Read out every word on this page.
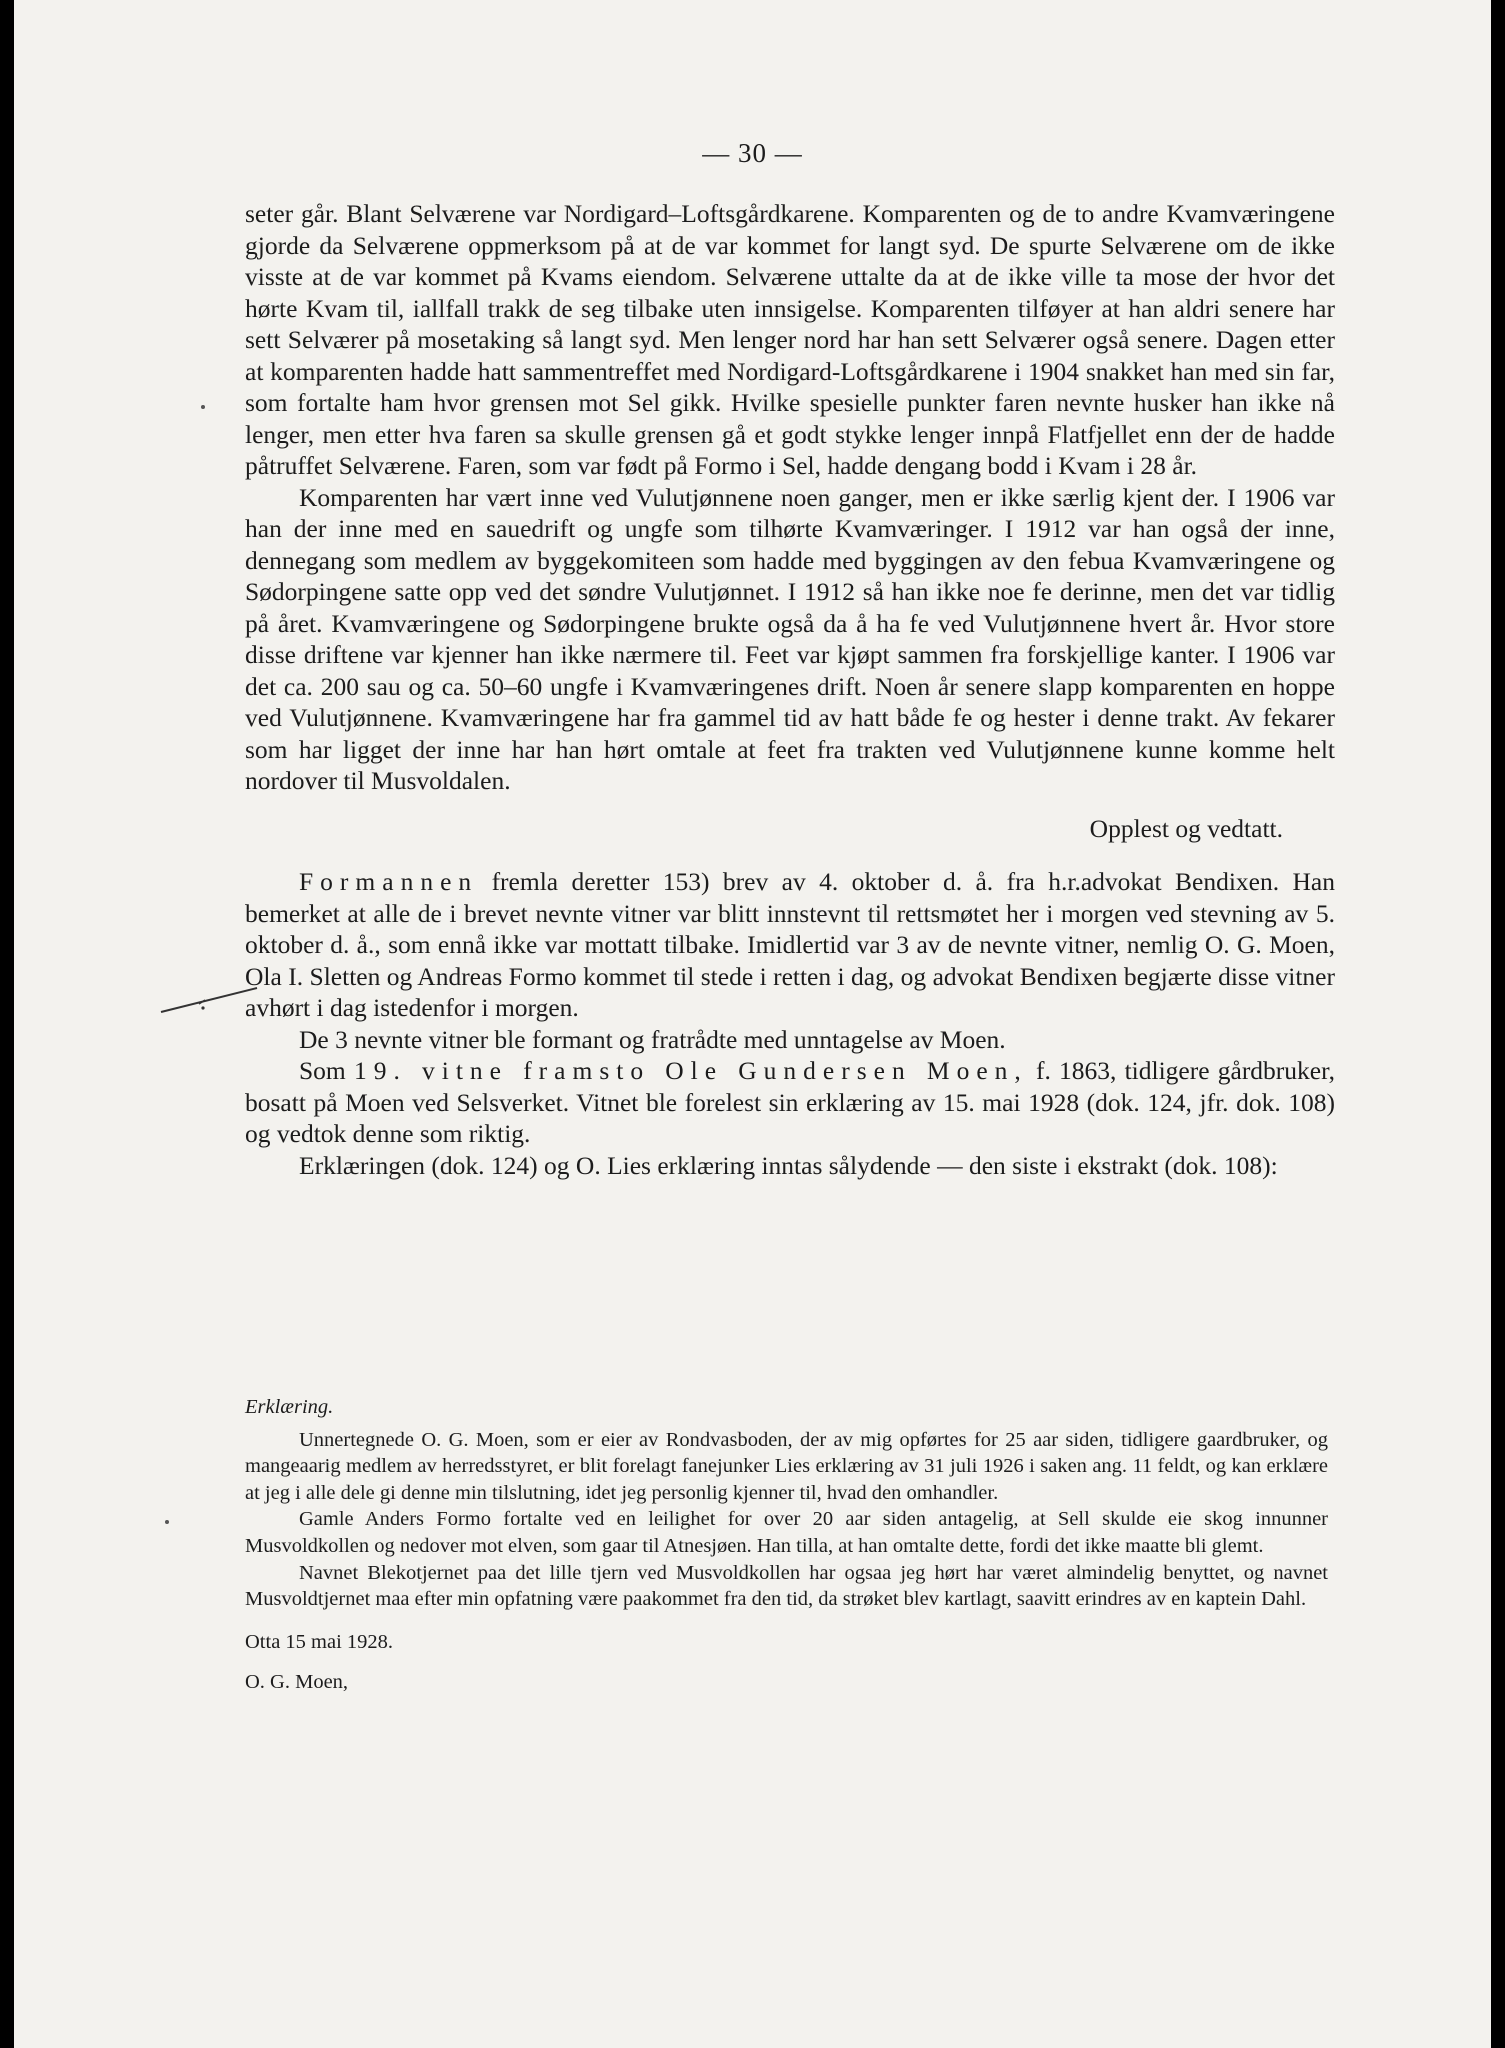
— 30 —

seter går. Blant Selværene var Nordigard–Loftsgårdkarene. Komparenten og de to andre Kvamværingene gjorde da Selværene oppmerksom på at de var kommet for langt syd. De spurte Selværene om de ikke visste at de var kommet på Kvams eiendom. Selværene uttalte da at de ikke ville ta mose der hvor det hørte Kvam til, iallfall trakk de seg tilbake uten innsigelse. Komparenten tilføyer at han aldri senere har sett Selværer på mosetaking så langt syd. Men lenger nord har han sett Selværer også senere. Dagen etter at komparenten hadde hatt sammentreffet med Nordigard-Loftsgårdkarene i 1904 snakket han med sin far, som fortalte ham hvor grensen mot Sel gikk. Hvilke spesielle punkter faren nevnte husker han ikke nå lenger, men etter hva faren sa skulle grensen gå et godt stykke lenger innpå Flatfjellet enn der de hadde påtruffet Selværene. Faren, som var født på Formo i Sel, hadde dengang bodd i Kvam i 28 år.

Komparenten har vært inne ved Vulutjønnene noen ganger, men er ikke særlig kjent der. I 1906 var han der inne med en sauedrift og ungfe som tilhørte Kvamværinger. I 1912 var han også der inne, dennegang som medlem av byggekomiteen som hadde med byggingen av den febua Kvamværingene og Sødorpingene satte opp ved det søndre Vulutjønnet. I 1912 så han ikke noe fe derinne, men det var tidlig på året. Kvamværingene og Sødorpingene brukte også da å ha fe ved Vulutjønnene hvert år. Hvor store disse driftene var kjenner han ikke nærmere til. Feet var kjøpt sammen fra forskjellige kanter. I 1906 var det ca. 200 sau og ca. 50–60 ungfe i Kvamværingenes drift. Noen år senere slapp komparenten en hoppe ved Vulutjønnene. Kvamværingene har fra gammel tid av hatt både fe og hester i denne trakt. Av fekarer som har ligget der inne har han hørt omtale at feet fra trakten ved Vulutjønnene kunne komme helt nordover til Musvoldalen.

Opplest og vedtatt.

Formannen fremla deretter 153) brev av 4. oktober d. å. fra h.r.advokat Bendixen. Han bemerket at alle de i brevet nevnte vitner var blitt innstevnt til rettsmøtet her i morgen ved stevning av 5. oktober d. å., som ennå ikke var mottatt tilbake. Imidlertid var 3 av de nevnte vitner, nemlig O. G. Moen, Ola I. Sletten og Andreas Formo kommet til stede i retten i dag, og advokat Bendixen begjærte disse vitner avhørt i dag istedenfor i morgen.

De 3 nevnte vitner ble formant og fratrådte med unntagelse av Moen.

Som 19. vitne framsto Ole Gundersen Moen, f. 1863, tidligere gårdbruker, bosatt på Moen ved Selsverket. Vitnet ble forelest sin erklæring av 15. mai 1928 (dok. 124, jfr. dok. 108) og vedtok denne som riktig.

Erklæringen (dok. 124) og O. Lies erklæring inntas sålydende — den siste i ekstrakt (dok. 108):

Erklæring.

Unnertegnede O. G. Moen, som er eier av Rondvasboden, der av mig opførtes for 25 aar siden, tidligere gaardbruker, og mangeaarig medlem av herredsstyret, er blit forelagt fanejunker Lies erklæring av 31 juli 1926 i saken ang. 11 feldt, og kan erklære at jeg i alle dele gi denne min tilslutning, idet jeg personlig kjenner til, hvad den omhandler.

Gamle Anders Formo fortalte ved en leilighet for over 20 aar siden antagelig, at Sell skulde eie skog innunner Musvoldkollen og nedover mot elven, som gaar til Atnesjøen. Han tilla, at han omtalte dette, fordi det ikke maatte bli glemt.

Navnet Blekotjernet paa det lille tjern ved Musvoldkollen har ogsaa jeg hørt har været almindelig benyttet, og navnet Musvoldtjernet maa efter min opfatning være paakommet fra den tid, da strøket blev kartlagt, saavitt erindres av en kaptein Dahl.

Otta 15 mai 1928.

O. G. Moen,
